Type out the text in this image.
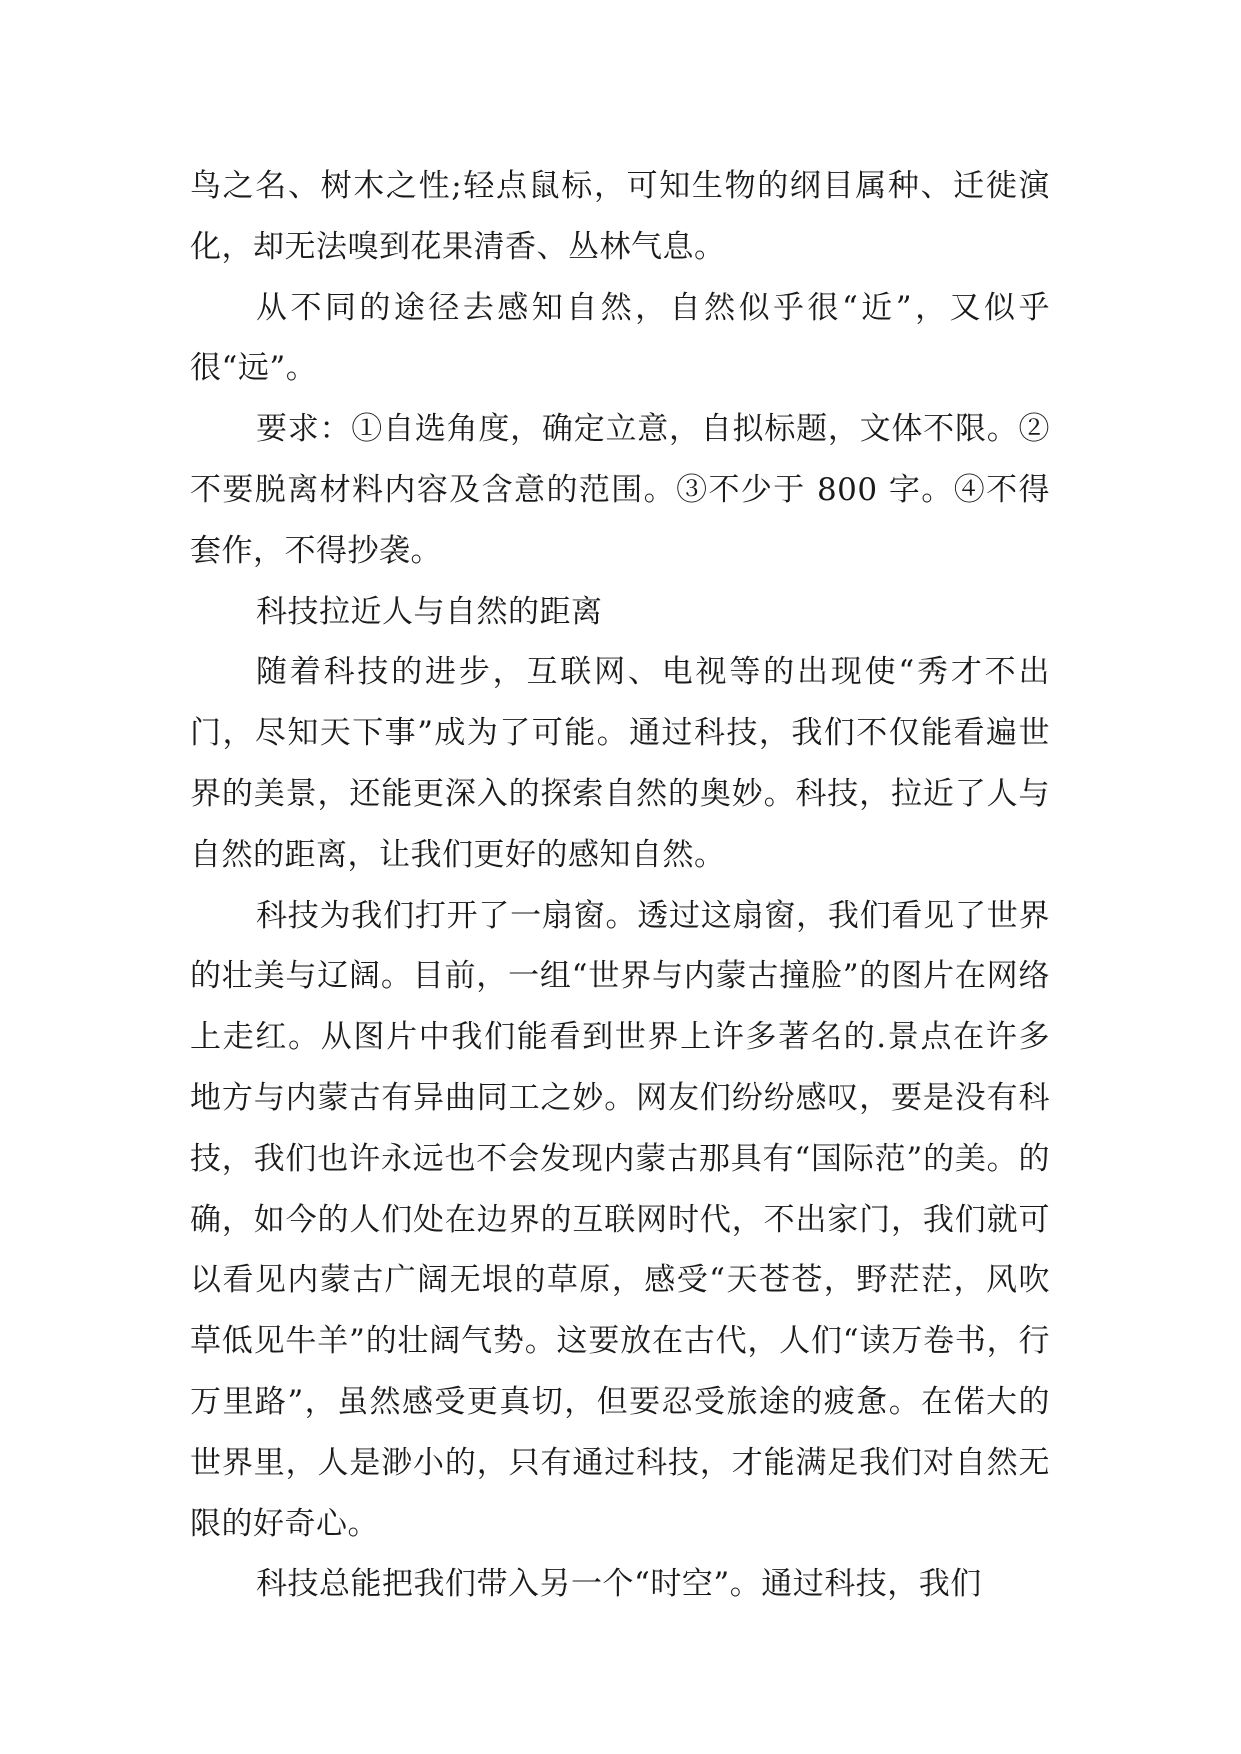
鸟之名、树木之性;轻点鼠标，可知生物的纲目属种、迁徙演化，却无法嗅到花果清香、丛林气息。

从不同的途径去感知自然，自然似乎很“近”，又似乎很“远”。

要求：①自选角度，确定立意，自拟标题，文体不限。②不要脱离材料内容及含意的范围。③不少于 800 字。④不得套作，不得抄袭。

科技拉近人与自然的距离

随着科技的进步，互联网、电视等的出现使“秀才不出门，尽知天下事”成为了可能。通过科技，我们不仅能看遍世界的美景，还能更深入的探索自然的奥妙。科技，拉近了人与自然的距离，让我们更好的感知自然。

科技为我们打开了一扇窗。透过这扇窗，我们看见了世界的壮美与辽阔。目前，一组“世界与内蒙古撞脸”的图片在网络上走红。从图片中我们能看到世界上许多著名的.景点在许多地方与内蒙古有异曲同工之妙。网友们纷纷感叹，要是没有科技，我们也许永远也不会发现内蒙古那具有“国际范”的美。的确，如今的人们处在边界的互联网时代，不出家门，我们就可以看见内蒙古广阔无垠的草原，感受“天苍苍，野茫茫，风吹草低见牛羊”的壮阔气势。这要放在古代，人们“读万卷书，行万里路”，虽然感受更真切，但要忍受旅途的疲惫。在偌大的世界里，人是渺小的，只有通过科技，才能满足我们对自然无限的好奇心。

科技总能把我们带入另一个“时空”。通过科技，我们
